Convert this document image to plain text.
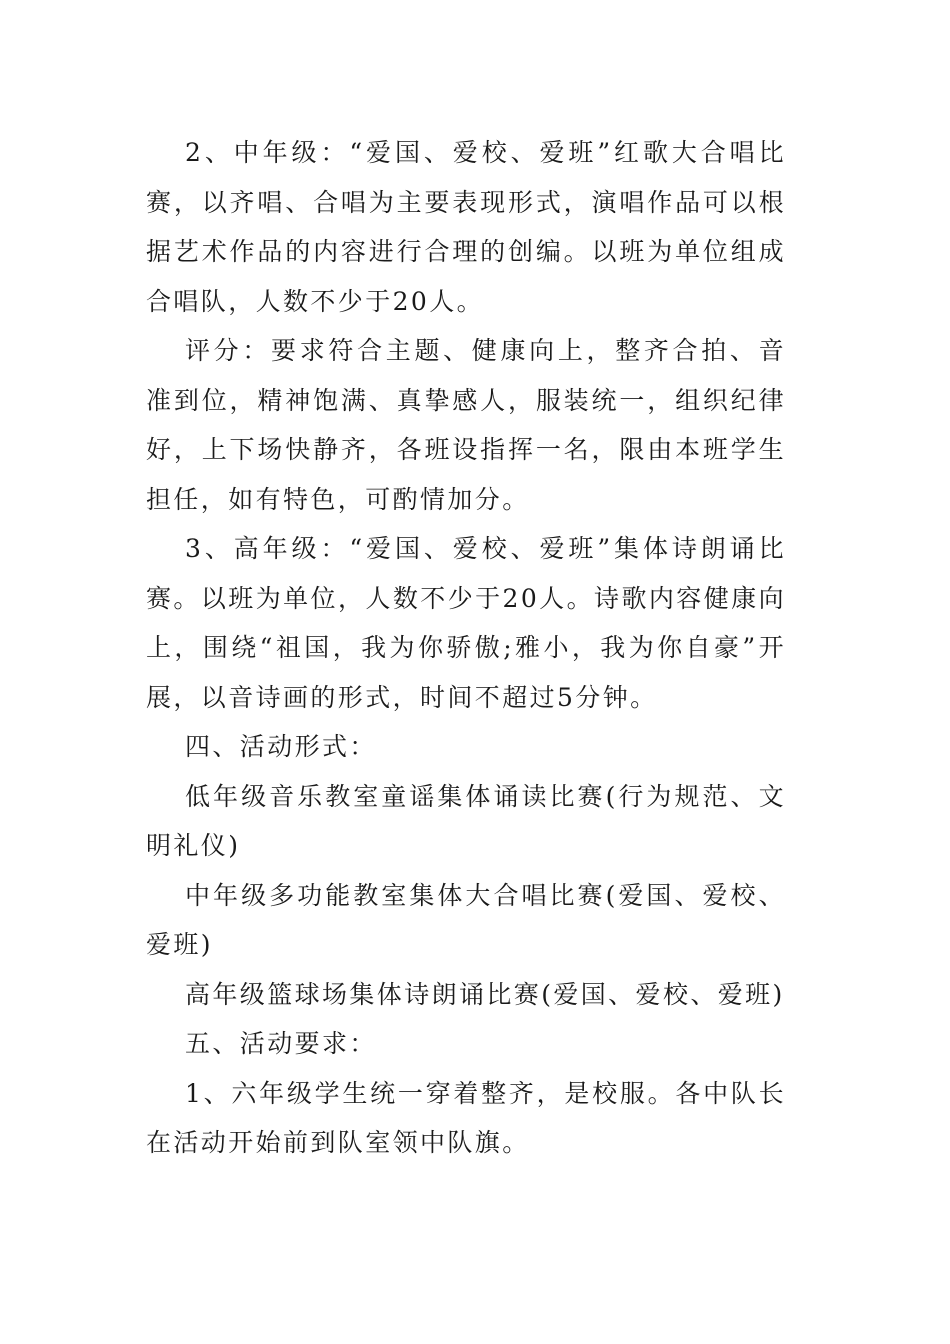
2、中年级：“爱国、爱校、爱班”红歌大合唱比赛，以齐唱、合唱为主要表现形式，演唱作品可以根据艺术作品的内容进行合理的创编。以班为单位组成合唱队，人数不少于20人。

评分：要求符合主题、健康向上，整齐合拍、音准到位，精神饱满、真挚感人，服装统一，组织纪律好，上下场快静齐，各班设指挥一名，限由本班学生担任，如有特色，可酌情加分。

3、高年级：“爱国、爱校、爱班”集体诗朗诵比赛。以班为单位，人数不少于20人。诗歌内容健康向上，围绕“祖国，我为你骄傲;雅小，我为你自豪”开展，以音诗画的形式，时间不超过5分钟。

四、活动形式：

低年级音乐教室童谣集体诵读比赛(行为规范、文明礼仪)

中年级多功能教室集体大合唱比赛(爱国、爱校、爱班)

高年级篮球场集体诗朗诵比赛(爱国、爱校、爱班)

五、活动要求：

1、六年级学生统一穿着整齐，是校服。各中队长在活动开始前到队室领中队旗。
